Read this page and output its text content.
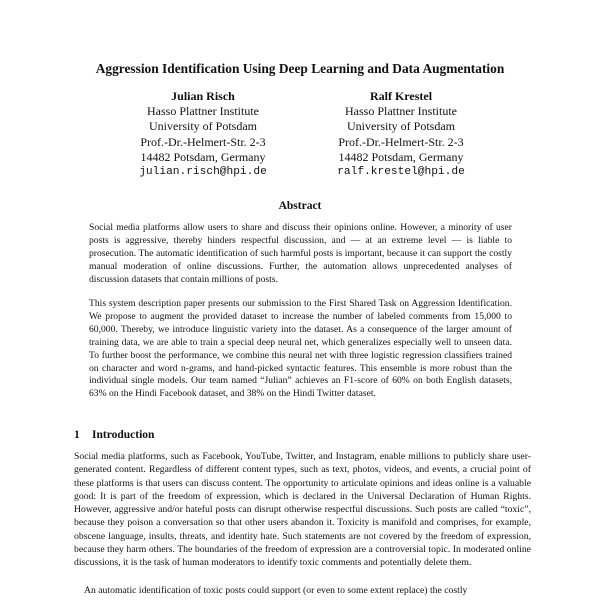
Aggression Identification Using Deep Learning and Data Augmentation
Julian Risch
Hasso Plattner Institute
University of Potsdam
Prof.-Dr.-Helmert-Str. 2-3
14482 Potsdam, Germany
julian.risch@hpi.de
Ralf Krestel
Hasso Plattner Institute
University of Potsdam
Prof.-Dr.-Helmert-Str. 2-3
14482 Potsdam, Germany
ralf.krestel@hpi.de
Abstract

Social media platforms allow users to share and discuss their opinions online. However, a minority of user posts is aggressive, thereby hinders respectful discussion, and — at an extreme level — is liable to prosecution. The automatic identification of such harmful posts is important, because it can support the costly manual moderation of online discussions. Further, the automation allows unprecedented analyses of discussion datasets that contain millions of posts.

This system description paper presents our submission to the First Shared Task on Aggression Identification. We propose to augment the provided dataset to increase the number of labeled comments from 15,000 to 60,000. Thereby, we introduce linguistic variety into the dataset. As a consequence of the larger amount of training data, we are able to train a special deep neural net, which generalizes especially well to unseen data. To further boost the performance, we combine this neural net with three logistic regression classifiers trained on character and word n-grams, and hand-picked syntactic features. This ensemble is more robust than the individual single models. Our team named “Julian” achieves an F1-score of 60% on both English datasets, 63% on the Hindi Facebook dataset, and 38% on the Hindi Twitter dataset.

1 Introduction

Social media platforms, such as Facebook, YouTube, Twitter, and Instagram, enable millions to publicly share user-generated content. Regardless of different content types, such as text, photos, videos, and events, a crucial point of these platforms is that users can discuss content. The opportunity to articulate opinions and ideas online is a valuable good: It is part of the freedom of expression, which is declared in the Universal Declaration of Human Rights. However, aggressive and/or hateful posts can disrupt otherwise respectful discussions. Such posts are called “toxic”, because they poison a conversation so that other users abandon it. Toxicity is manifold and comprises, for example, obscene language, insults, threats, and identity hate. Such statements are not covered by the freedom of expression, because they harm others. The boundaries of the freedom of expression are a controversial topic. In moderated online discussions, it is the task of human moderators to identify toxic comments and potentially delete them.

An automatic identification of toxic posts could support (or even to some extent replace) the costly
